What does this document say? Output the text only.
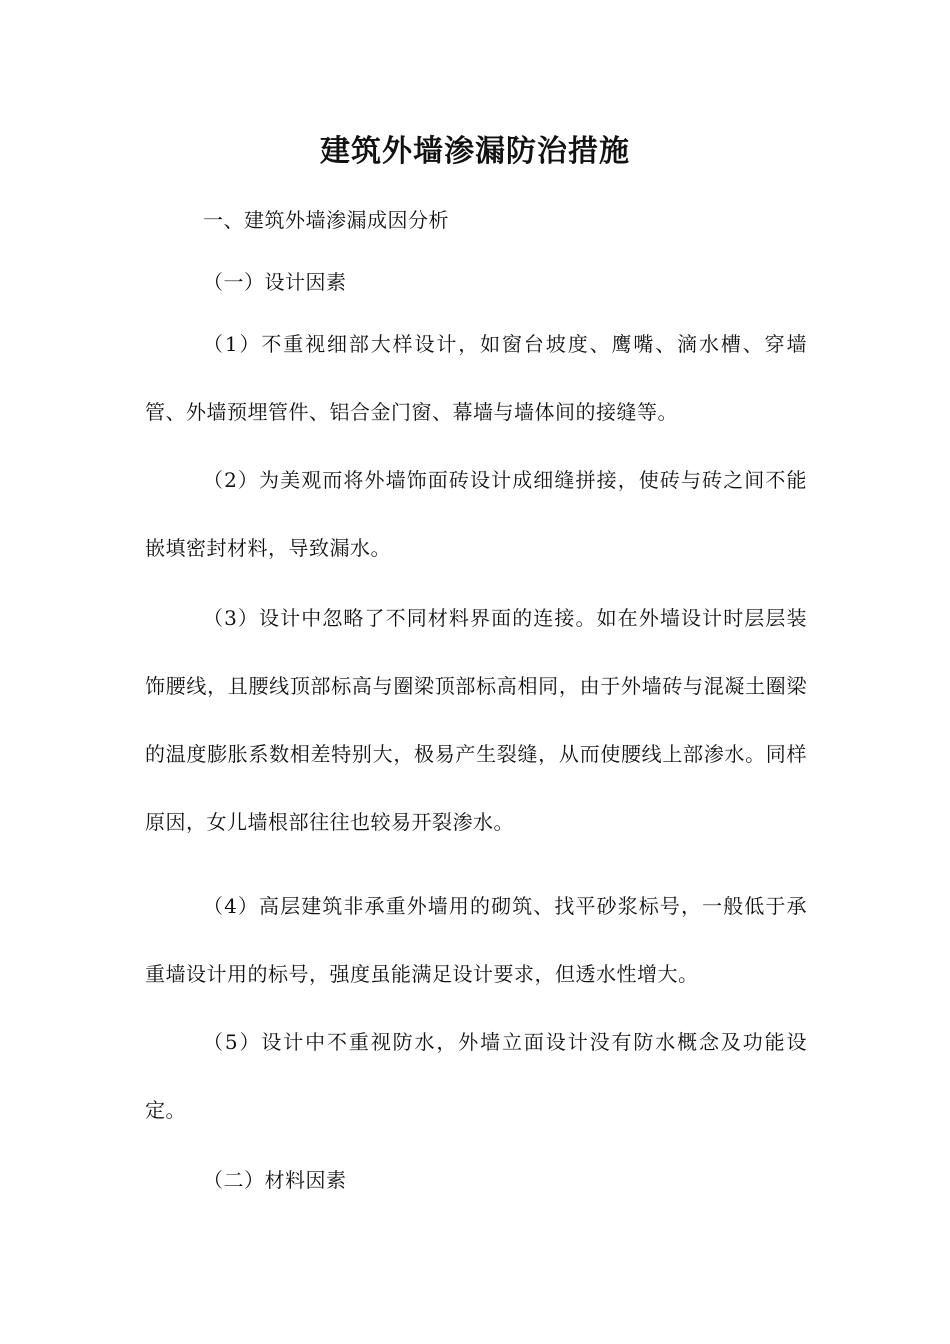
建筑外墙渗漏防治措施

一、建筑外墙渗漏成因分析

（一）设计因素

（1）不重视细部大样设计，如窗台坡度、鹰嘴、滴水槽、穿墙管、外墙预埋管件、铝合金门窗、幕墙与墙体间的接缝等。

（2）为美观而将外墙饰面砖设计成细缝拼接，使砖与砖之间不能嵌填密封材料，导致漏水。

（3）设计中忽略了不同材料界面的连接。如在外墙设计时层层装饰腰线，且腰线顶部标高与圈梁顶部标高相同，由于外墙砖与混凝土圈梁的温度膨胀系数相差特别大，极易产生裂缝，从而使腰线上部渗水。同样原因，女儿墙根部往往也较易开裂渗水。

（4）高层建筑非承重外墙用的砌筑、找平砂浆标号，一般低于承重墙设计用的标号，强度虽能满足设计要求，但透水性增大。

（5）设计中不重视防水，外墙立面设计没有防水概念及功能设定。

（二）材料因素
